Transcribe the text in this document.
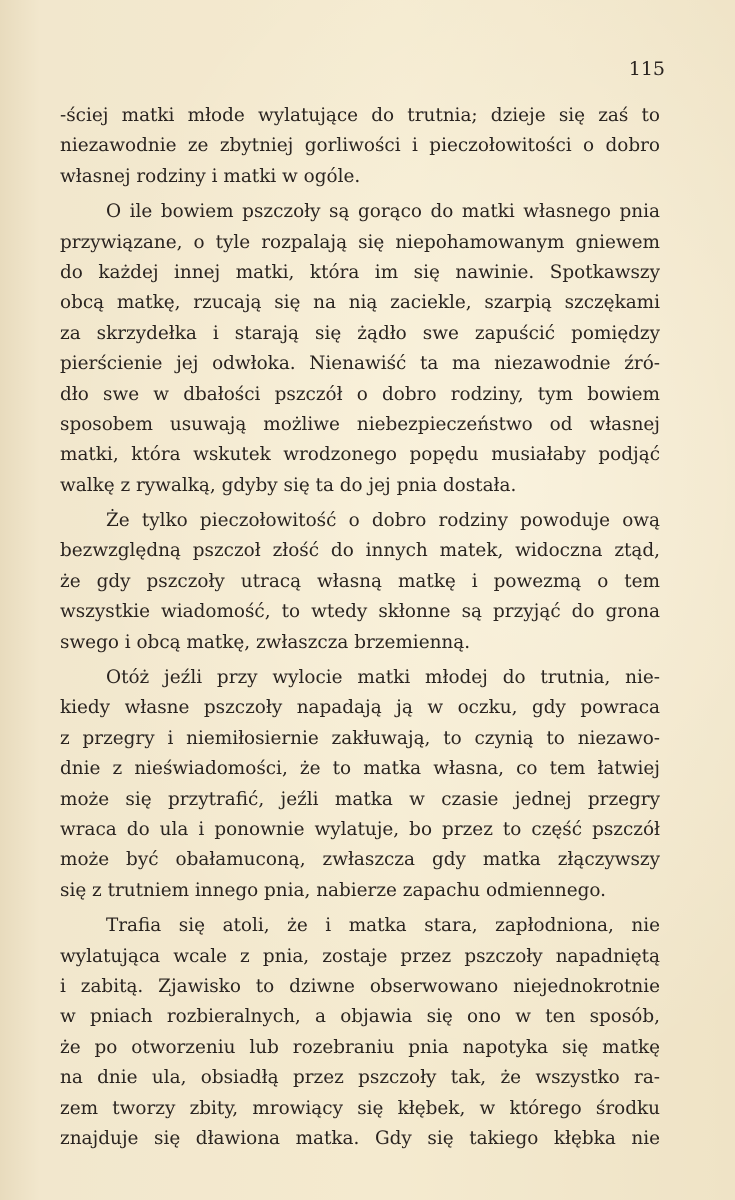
115
-ściej matki młode wylatujące do trutnia; dzieje się zaś to
niezawodnie ze zbytniej gorliwości i pieczołowitości o dobro
własnej rodziny i matki w ogóle.
O ile bowiem pszczoły są gorąco do matki własnego pnia
przywiązane, o tyle rozpalają się niepohamowanym gniewem
do każdej innej matki, która im się nawinie. Spotkawszy
obcą matkę, rzucają się na nią zaciekle, szarpią szczękami
za skrzydełka i starają się żądło swe zapuścić pomiędzy
pierścienie jej odwłoka. Nienawiść ta ma niezawodnie źró-
dło swe w dbałości pszczół o dobro rodziny, tym bowiem
sposobem usuwają możliwe niebezpieczeństwo od własnej
matki, która wskutek wrodzonego popędu musiałaby podjąć
walkę z rywalką, gdyby się ta do jej pnia dostała.
Że tylko pieczołowitość o dobro rodziny powoduje ową
bezwzględną pszczoł złość do innych matek, widoczna ztąd,
że gdy pszczoły utracą własną matkę i powezmą o tem
wszystkie wiadomość, to wtedy skłonne są przyjąć do grona
swego i obcą matkę, zwłaszcza brzemienną.
Otóż jeźli przy wylocie matki młodej do trutnia, nie-
kiedy własne pszczoły napadają ją w oczku, gdy powraca
z przegry i niemiłosiernie zakłuwają, to czynią to niezawo-
dnie z nieświadomości, że to matka własna, co tem łatwiej
może się przytrafić, jeźli matka w czasie jednej przegry
wraca do ula i ponownie wylatuje, bo przez to część pszczół
może być obałamuconą, zwłaszcza gdy matka złączywszy
się z trutniem innego pnia, nabierze zapachu odmiennego.
Trafia się atoli, że i matka stara, zapłodniona, nie
wylatująca wcale z pnia, zostaje przez pszczoły napadniętą
i zabitą. Zjawisko to dziwne obserwowano niejednokrotnie
w pniach rozbieralnych, a objawia się ono w ten sposób,
że po otworzeniu lub rozebraniu pnia napotyka się matkę
na dnie ula, obsiadłą przez pszczoły tak, że wszystko ra-
zem tworzy zbity, mrowiący się kłębek, w którego środku
znajduje się dławiona matka. Gdy się takiego kłębka nie
